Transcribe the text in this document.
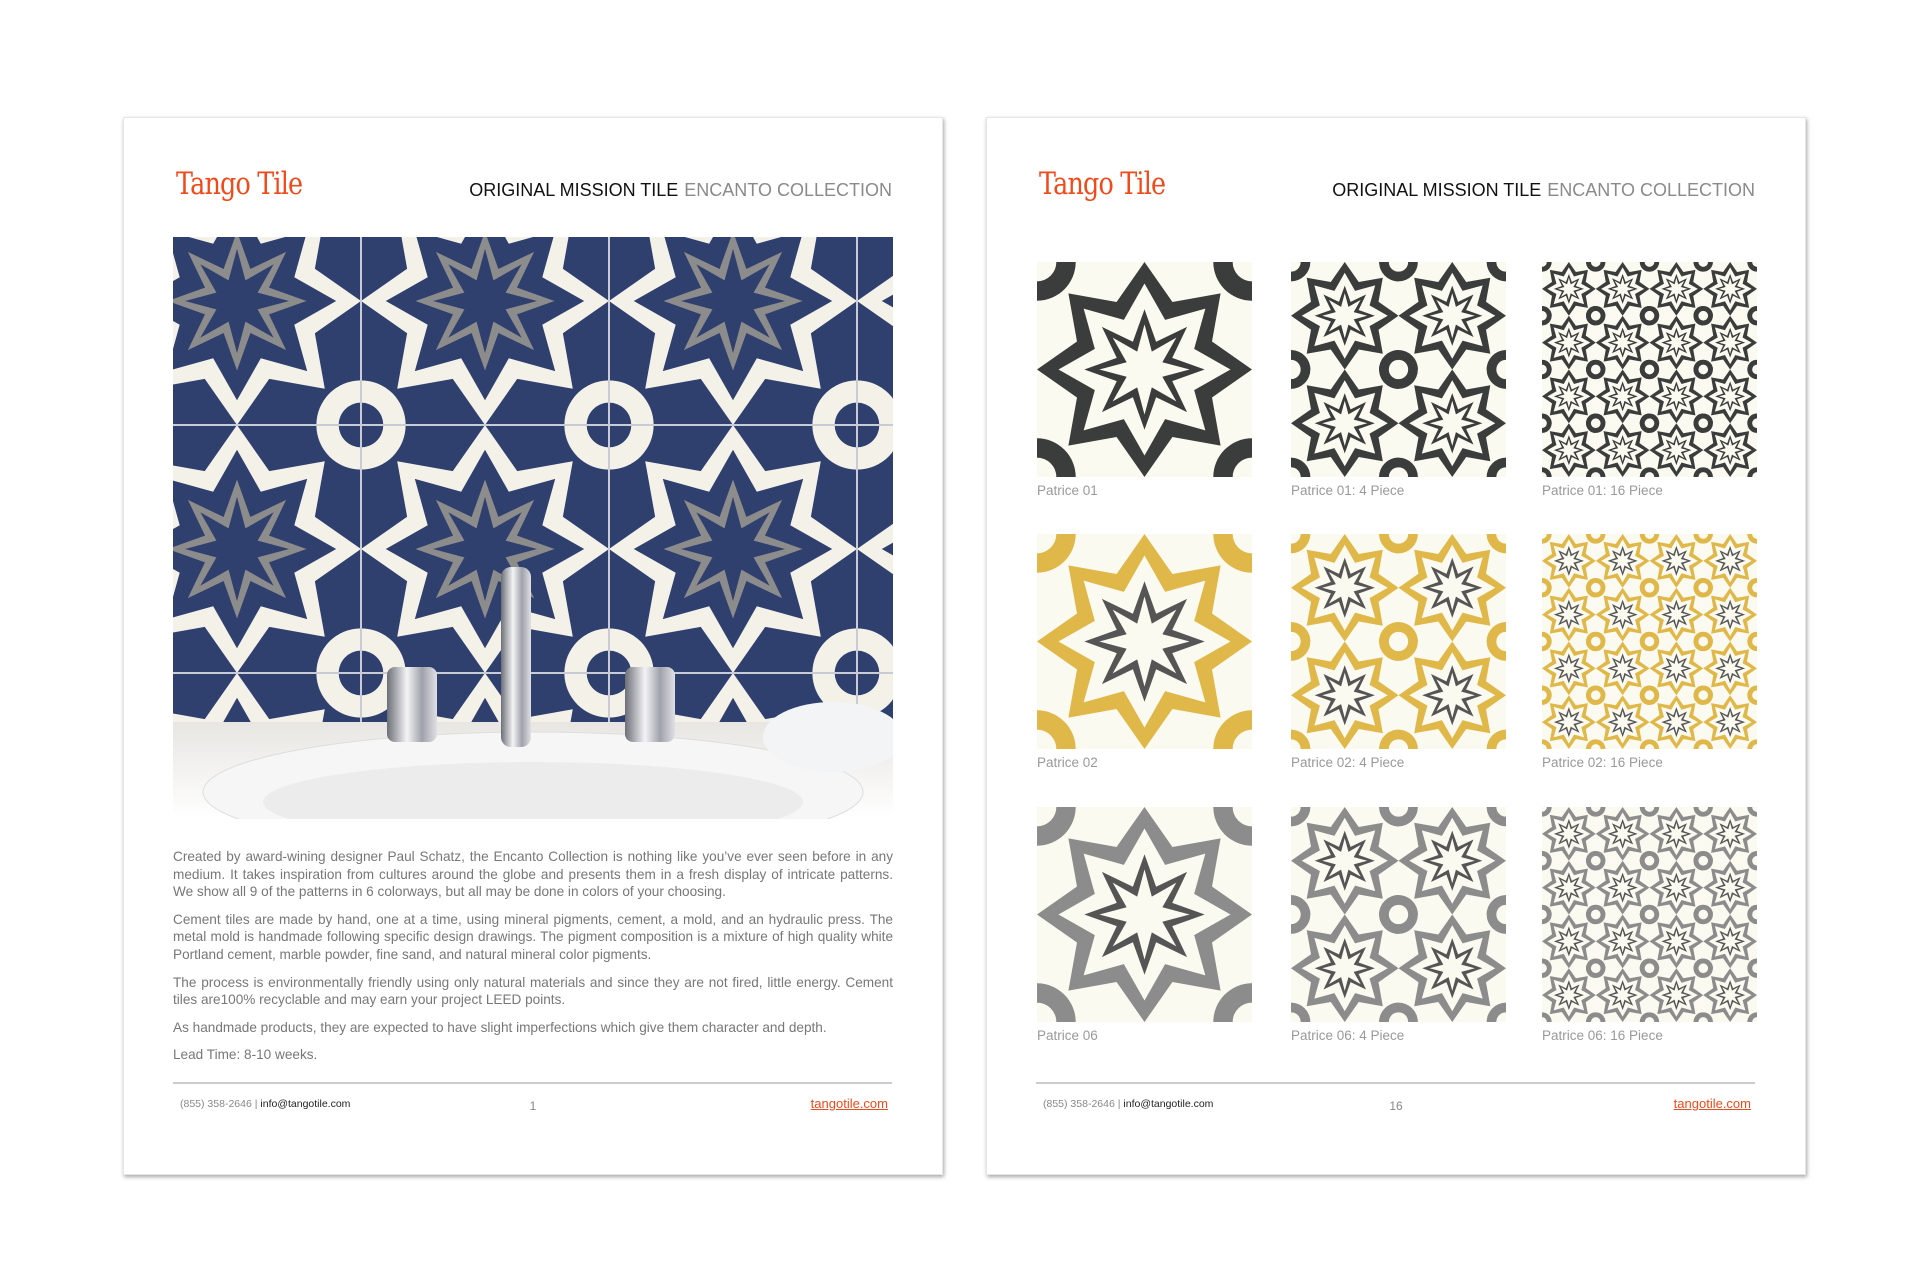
Tango Tile	ORIGINAL MISSION TILE ENCANTO COLLECTION

Created by award-wining designer Paul Schatz, the Encanto Collection is nothing like you’ve ever seen before in any medium. It takes inspiration from cultures around the globe and presents them in a fresh display of intricate patterns. We show all 9 of the patterns in 6 colorways, but all may be done in colors of your choosing.

Cement tiles are made by hand, one at a time, using mineral pigments, cement, a mold, and an hydraulic press. The metal mold is handmade following specific design drawings. The pigment composition is a mixture of high quality white Portland cement, marble powder, fine sand, and natural mineral color pigments.

The process is environmentally friendly using only natural materials and since they are not fired, little energy. Cement tiles are100% recyclable and may earn your project LEED points.

As handmade products, they are expected to have slight imperfections which give them character and depth.

Lead Time: 8-10 weeks.

(855) 358-2646 | info@tangotile.com	1	tangotile.com
Tango Tile	ORIGINAL MISSION TILE ENCANTO COLLECTION
Patrice 01	Patrice 01: 4 Piece	Patrice 01: 16 Piece
Patrice 02	Patrice 02: 4 Piece	Patrice 02: 16 Piece
Patrice 06	Patrice 06: 4 Piece	Patrice 06: 16 Piece
(855) 358-2646 | info@tangotile.com	16	tangotile.com
